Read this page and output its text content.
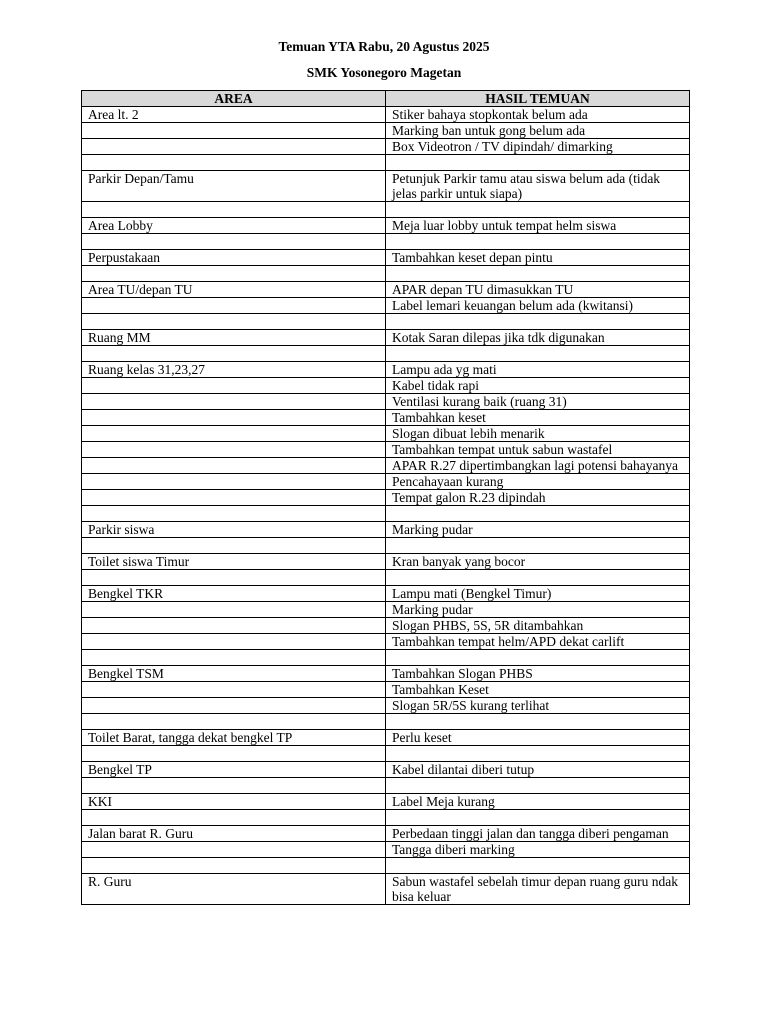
Temuan YTA Rabu, 20 Agustus 2025
SMK Yosonegoro Magetan
AREA	HASIL TEMUAN
Area lt. 2	Stiker bahaya stopkontak belum ada
	Marking ban untuk gong belum ada
	Box Videotron / TV dipindah/ dimarking

Parkir Depan/Tamu	Petunjuk Parkir tamu atau siswa belum ada (tidak jelas parkir untuk siapa)

Area Lobby	Meja luar lobby untuk tempat helm siswa

Perpustakaan	Tambahkan keset depan pintu

Area TU/depan TU	APAR depan TU dimasukkan TU
	Label lemari keuangan belum ada (kwitansi)

Ruang MM	Kotak Saran dilepas jika tdk digunakan

Ruang kelas 31,23,27	Lampu ada yg mati
	Kabel tidak rapi
	Ventilasi kurang baik (ruang 31)
	Tambahkan keset
	Slogan dibuat lebih menarik
	Tambahkan tempat untuk sabun wastafel
	APAR R.27 dipertimbangkan lagi potensi bahayanya
	Pencahayaan kurang
	Tempat galon R.23 dipindah

Parkir siswa	Marking pudar

Toilet siswa Timur	Kran banyak yang bocor

Bengkel TKR	Lampu mati (Bengkel Timur)
	Marking pudar
	Slogan PHBS, 5S, 5R ditambahkan
	Tambahkan tempat helm/APD dekat carlift

Bengkel TSM	Tambahkan Slogan PHBS
	Tambahkan Keset
	Slogan 5R/5S kurang terlihat

Toilet Barat, tangga dekat bengkel TP	Perlu keset

Bengkel TP	Kabel dilantai diberi tutup

KKI	Label Meja kurang

Jalan barat R. Guru	Perbedaan tinggi jalan dan tangga diberi pengaman
	Tangga diberi marking

R. Guru	Sabun wastafel sebelah timur depan ruang guru ndak bisa keluar
